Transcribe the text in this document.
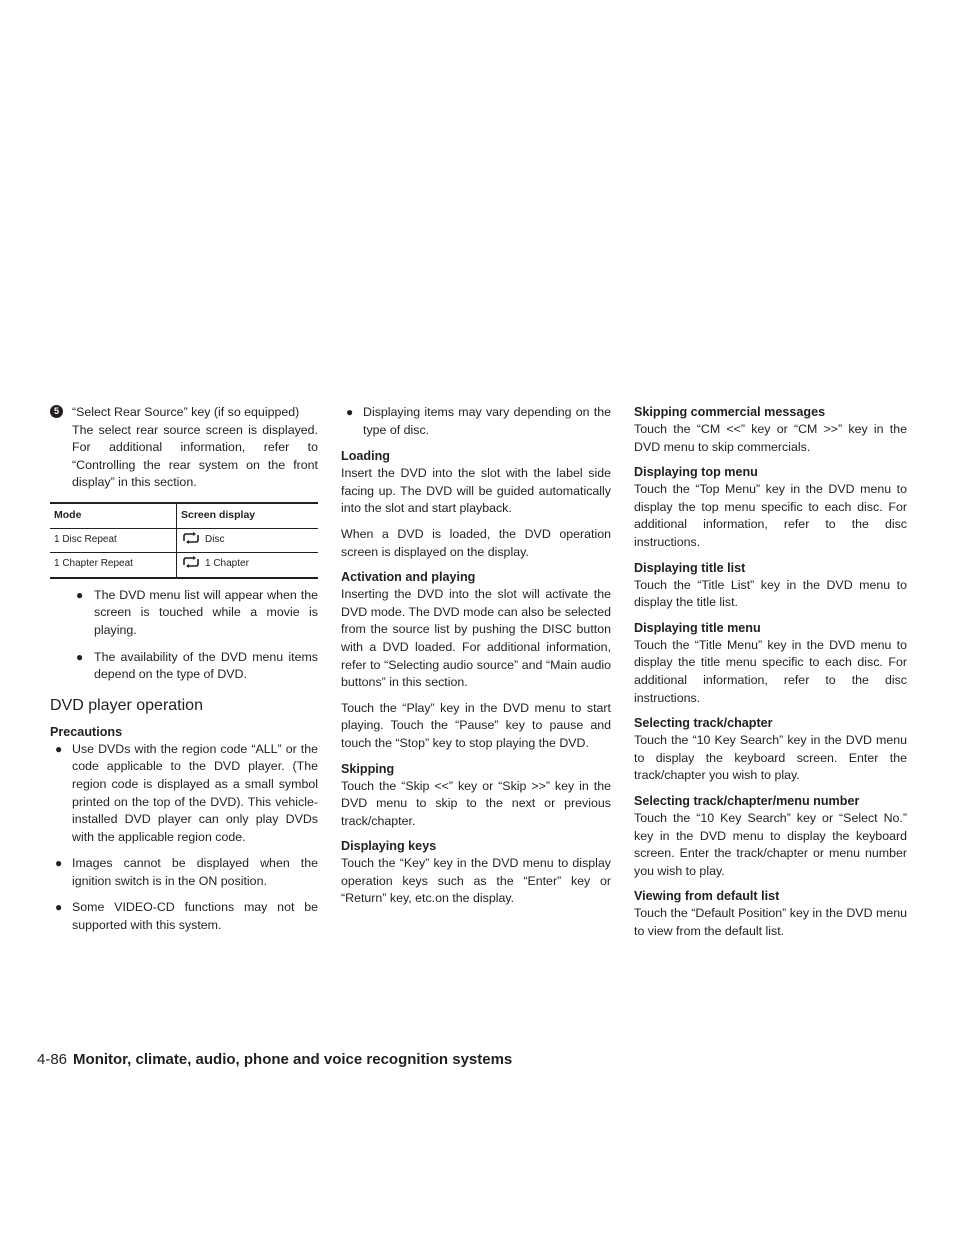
5	“Select Rear Source” key (if so equipped)

The select rear source screen is displayed. For additional information, refer to “Controlling the rear system on the front display” in this section.

Mode	Screen display
1 Disc Repeat	Disc
1 Chapter Repeat	1 Chapter
● The DVD menu list will appear when the screen is touched while a movie is playing.
● The availability of the DVD menu items depend on the type of DVD.
DVD player operation
Precautions
● Use DVDs with the region code “ALL” or the code applicable to the DVD player. (The region code is displayed as a small symbol printed on the top of the DVD). This vehicle-installed DVD player can only play DVDs with the applicable region code.
● Images cannot be displayed when the ignition switch is in the ON position.
● Some VIDEO-CD functions may not be supported with this system.
● Displaying items may vary depending on the type of disc.
Loading

Insert the DVD into the slot with the label side facing up. The DVD will be guided automatically into the slot and start playback.

When a DVD is loaded, the DVD operation screen is displayed on the display.

Activation and playing

Inserting the DVD into the slot will activate the DVD mode. The DVD mode can also be selected from the source list by pushing the DISC button with a DVD loaded. For additional information, refer to “Selecting audio source” and “Main audio buttons” in this section.

Touch the “Play” key in the DVD menu to start playing. Touch the “Pause” key to pause and touch the “Stop” key to stop playing the DVD.

Skipping

Touch the “Skip <<” key or “Skip >>” key in the DVD menu to skip to the next or previous track/chapter.

Displaying keys

Touch the “Key” key in the DVD menu to display operation keys such as the “Enter” key or “Return” key, etc.on the display.

Skipping commercial messages

Touch the “CM <<” key or “CM >>” key in the DVD menu to skip commercials.

Displaying top menu

Touch the “Top Menu” key in the DVD menu to display the top menu specific to each disc. For additional information, refer to the disc instructions.

Displaying title list

Touch the “Title List” key in the DVD menu to display the title list.

Displaying title menu

Touch the “Title Menu” key in the DVD menu to display the title menu specific to each disc. For additional information, refer to the disc instructions.

Selecting track/chapter

Touch the “10 Key Search” key in the DVD menu to display the keyboard screen. Enter the track/chapter you wish to play.

Selecting track/chapter/menu number

Touch the “10 Key Search” key or “Select No.” key in the DVD menu to display the keyboard screen. Enter the track/chapter or menu number you wish to play.

Viewing from default list

Touch the “Default Position” key in the DVD menu to view from the default list.

4-86 Monitor, climate, audio, phone and voice recognition systems
